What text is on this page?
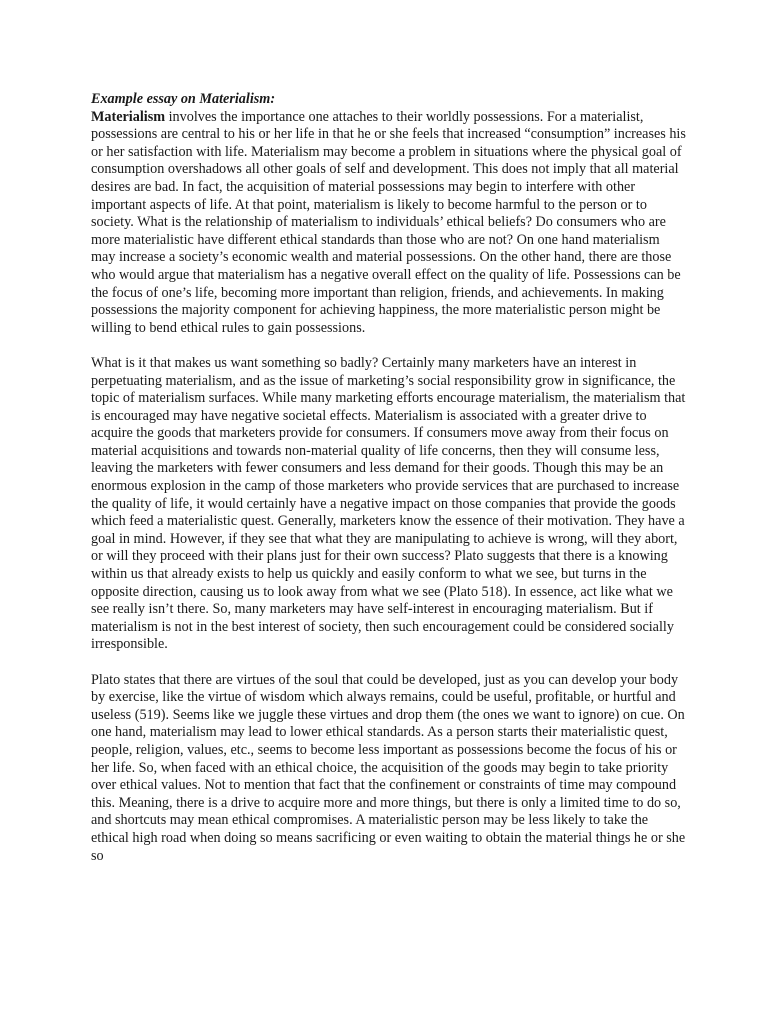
Example essay on Materialism:

Materialism involves the importance one attaches to their worldly possessions. For a materialist, possessions are central to his or her life in that he or she feels that increased “consumption” increases his or her satisfaction with life. Materialism may become a problem in situations where the physical goal of consumption overshadows all other goals of self and development. This does not imply that all material desires are bad. In fact, the acquisition of material possessions may begin to interfere with other important aspects of life. At that point, materialism is likely to become harmful to the person or to society. What is the relationship of materialism to individuals’ ethical beliefs? Do consumers who are more materialistic have different ethical standards than those who are not? On one hand materialism may increase a society’s economic wealth and material possessions. On the other hand, there are those who would argue that materialism has a negative overall effect on the quality of life. Possessions can be the focus of one’s life, becoming more important than religion, friends, and achievements. In making possessions the majority component for achieving happiness, the more materialistic person might be willing to bend ethical rules to gain possessions.

What is it that makes us want something so badly? Certainly many marketers have an interest in perpetuating materialism, and as the issue of marketing’s social responsibility grow in significance, the topic of materialism surfaces. While many marketing efforts encourage materialism, the materialism that is encouraged may have negative societal effects. Materialism is associated with a greater drive to acquire the goods that marketers provide for consumers. If consumers move away from their focus on material acquisitions and towards non-material quality of life concerns, then they will consume less, leaving the marketers with fewer consumers and less demand for their goods. Though this may be an enormous explosion in the camp of those marketers who provide services that are purchased to increase the quality of life, it would certainly have a negative impact on those companies that provide the goods which feed a materialistic quest. Generally, marketers know the essence of their motivation. They have a goal in mind. However, if they see that what they are manipulating to achieve is wrong, will they abort, or will they proceed with their plans just for their own success? Plato suggests that there is a knowing within us that already exists to help us quickly and easily conform to what we see, but turns in the opposite direction, causing us to look away from what we see (Plato 518). In essence, act like what we see really isn’t there. So, many marketers may have self-interest in encouraging materialism. But if materialism is not in the best interest of society, then such encouragement could be considered socially irresponsible.

Plato states that there are virtues of the soul that could be developed, just as you can develop your body by exercise, like the virtue of wisdom which always remains, could be useful, profitable, or hurtful and useless (519). Seems like we juggle these virtues and drop them (the ones we want to ignore) on cue. On one hand, materialism may lead to lower ethical standards. As a person starts their materialistic quest, people, religion, values, etc., seems to become less important as possessions become the focus of his or her life. So, when faced with an ethical choice, the acquisition of the goods may begin to take priority over ethical values. Not to mention that fact that the confinement or constraints of time may compound this. Meaning, there is a drive to acquire more and more things, but there is only a limited time to do so, and shortcuts may mean ethical compromises. A materialistic person may be less likely to take the ethical high road when doing so means sacrificing or even waiting to obtain the material things he or she so
